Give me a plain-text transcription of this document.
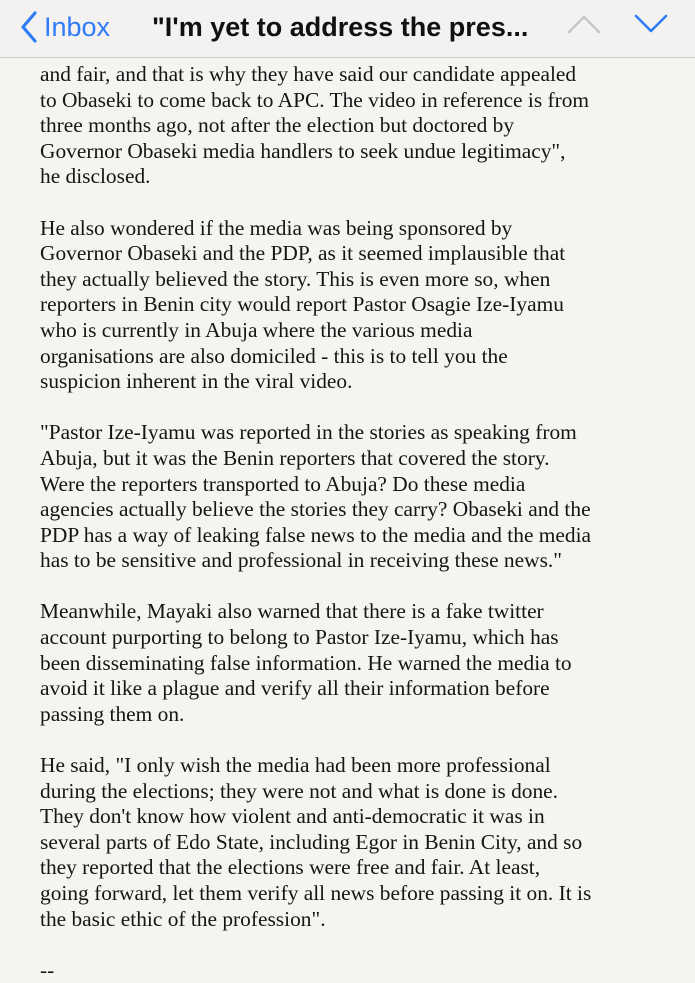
Inbox "I'm yet to address the pres...

and fair, and that is why they have said our candidate appealed
to Obaseki to come back to APC. The video in reference is from
three months ago, not after the election but doctored by
Governor Obaseki media handlers to seek undue legitimacy",
he disclosed.

He also wondered if the media was being sponsored by
Governor Obaseki and the PDP, as it seemed implausible that
they actually believed the story. This is even more so, when
reporters in Benin city would report Pastor Osagie Ize-Iyamu
who is currently in Abuja where the various media
organisations are also domiciled - this is to tell you the
suspicion inherent in the viral video.

"Pastor Ize-Iyamu was reported in the stories as speaking from
Abuja, but it was the Benin reporters that covered the story.
Were the reporters transported to Abuja? Do these media
agencies actually believe the stories they carry? Obaseki and the
PDP has a way of leaking false news to the media and the media
has to be sensitive and professional in receiving these news."

Meanwhile, Mayaki also warned that there is a fake twitter
account purporting to belong to Pastor Ize-Iyamu, which has
been disseminating false information. He warned the media to
avoid it like a plague and verify all their information before
passing them on.

He said, "I only wish the media had been more professional
during the elections; they were not and what is done is done.
They don't know how violent and anti-democratic it was in
several parts of Edo State, including Egor in Benin City, and so
they reported that the elections were free and fair. At least,
going forward, let them verify all news before passing it on. It is
the basic ethic of the profession".

--
